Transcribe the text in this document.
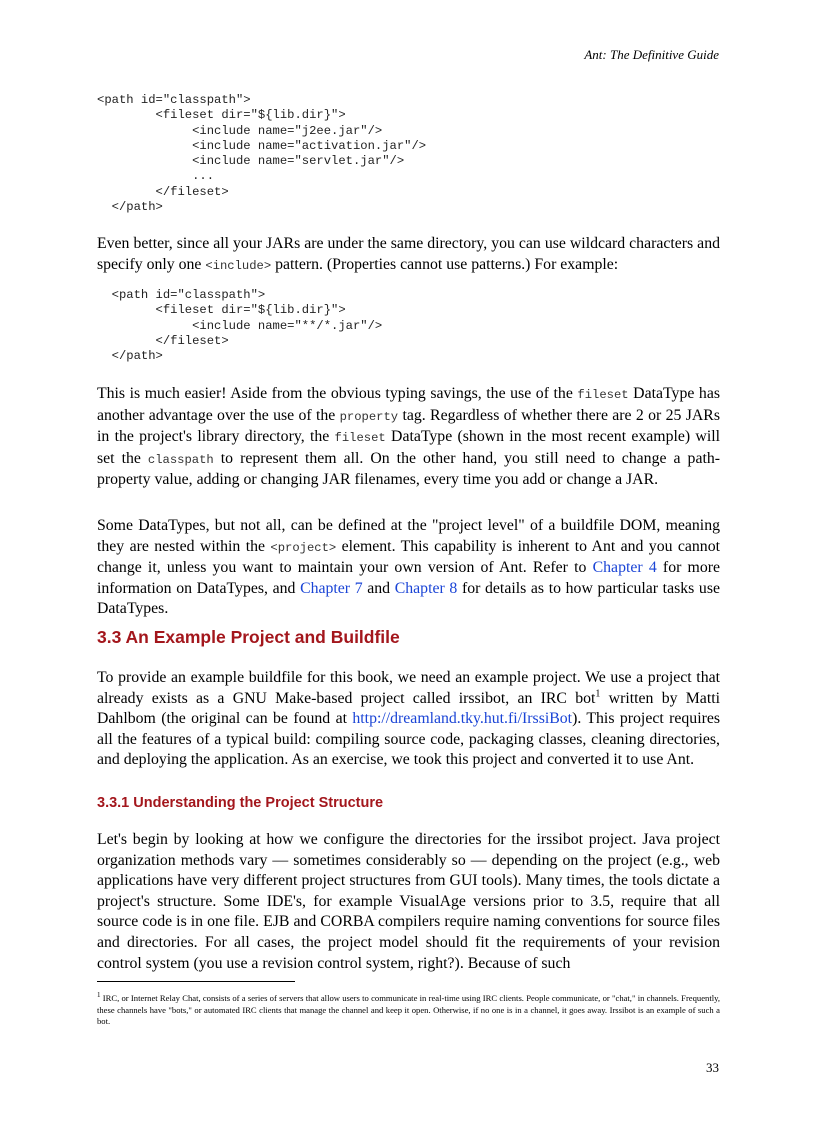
Ant: The Definitive Guide
<path id="classpath">
<fileset dir="${lib.dir}">
<include name="j2ee.jar"/>
<include name="activation.jar"/>
<include name="servlet.jar"/>
...
</fileset>
</path>

Even better, since all your JARs are under the same directory, you can use wildcard characters and specify only one <include> pattern. (Properties cannot use patterns.) For example:

<path id="classpath">
<fileset dir="${lib.dir}">
<include name="**/*.jar"/>
</fileset>
</path>

This is much easier! Aside from the obvious typing savings, the use of the fileset DataType has another advantage over the use of the property tag. Regardless of whether there are 2 or 25 JARs in the project's library directory, the fileset DataType (shown in the most recent example) will set the classpath to represent them all. On the other hand, you still need to change a path-property value, adding or changing JAR filenames, every time you add or change a JAR.

Some DataTypes, but not all, can be defined at the "project level" of a buildfile DOM, meaning they are nested within the <project> element. This capability is inherent to Ant and you cannot change it, unless you want to maintain your own version of Ant. Refer to Chapter 4 for more information on DataTypes, and Chapter 7 and Chapter 8 for details as to how particular tasks use DataTypes.

3.3 An Example Project and Buildfile

To provide an example buildfile for this book, we need an example project. We use a project that already exists as a GNU Make-based project called irssibot, an IRC bot$^1$ written by Matti Dahlbom (the original can be found at http://dreamland.tky.hut.fi/IrssiBot). This project requires all the features of a typical build: compiling source code, packaging classes, cleaning directories, and deploying the application. As an exercise, we took this project and converted it to use Ant.

3.3.1 Understanding the Project Structure

Let's begin by looking at how we configure the directories for the irssibot project. Java project organization methods vary — sometimes considerably so — depending on the project (e.g., web applications have very different project structures from GUI tools). Many times, the tools dictate a project's structure. Some IDE's, for example VisualAge versions prior to 3.5, require that all source code is in one file. EJB and CORBA compilers require naming conventions for source files and directories. For all cases, the project model should fit the requirements of your revision control system (you use a revision control system, right?). Because of such

$^1$ IRC, or Internet Relay Chat, consists of a series of servers that allow users to communicate in real-time using IRC clients. People communicate, or "chat," in channels. Frequently, these channels have "bots," or automated IRC clients that manage the channel and keep it open. Otherwise, if no one is in a channel, it goes away. Irssibot is an example of such a bot.

33
